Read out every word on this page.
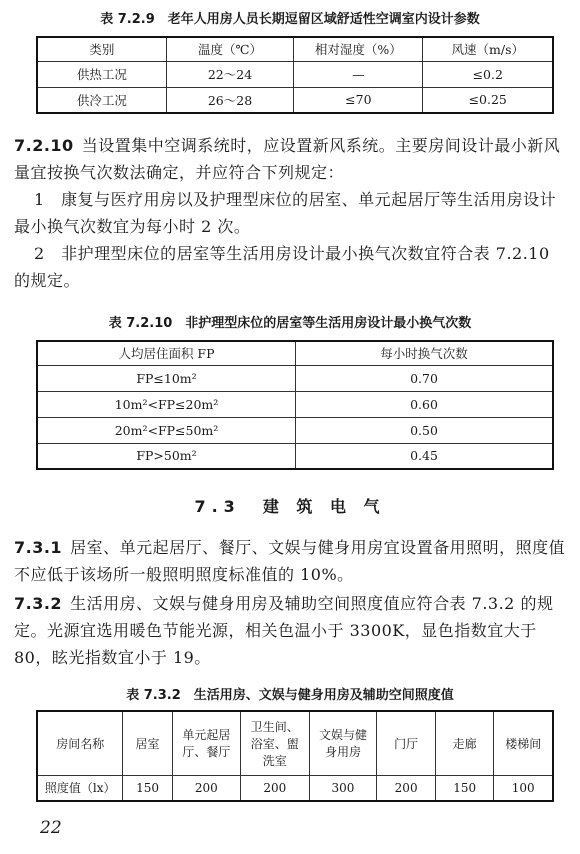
表 7.2.9　老年人用房人员长期逗留区域舒适性空调室内设计参数
类别	温度（℃）	相对湿度（%）	风速（m/s）
供热工况	22～24	—	≤0.2
供冷工况	26～28	≤70	≤0.25

7.2.10 当设置集中空调系统时，应设置新风系统。主要房间设计最小新风量宜按换气次数法确定，并应符合下列规定：

1　康复与医疗用房以及护理型床位的居室、单元起居厅等生活用房设计最小换气次数宜为每小时 2 次。

2　非护理型床位的居室等生活用房设计最小换气次数宜符合表 7.2.10 的规定。

表 7.2.10　非护理型床位的居室等生活用房设计最小换气次数
人均居住面积 FP	每小时换气次数
FP≤10m²	0.70
10m²<FP≤20m²	0.60
20m²<FP≤50m²	0.50
FP>50m²	0.45
7.3　建 筑 电 气

7.3.1 居室、单元起居厅、餐厅、文娱与健身用房宜设置备用照明，照度值不应低于该场所一般照明照度标准值的 10%。

7.3.2 生活用房、文娱与健身用房及辅助空间照度值应符合表 7.3.2 的规定。光源宜选用暖色节能光源，相关色温小于 3300K，显色指数宜大于 80，眩光指数宜小于 19。

表 7.3.2　生活用房、文娱与健身用房及辅助空间照度值
房间名称	居室	单元起居厅、餐厅	卫生间、浴室、盥洗室	文娱与健身用房	门厅	走廊	楼梯间
照度值（lx）	150	200	200	300	200	150	100
22
